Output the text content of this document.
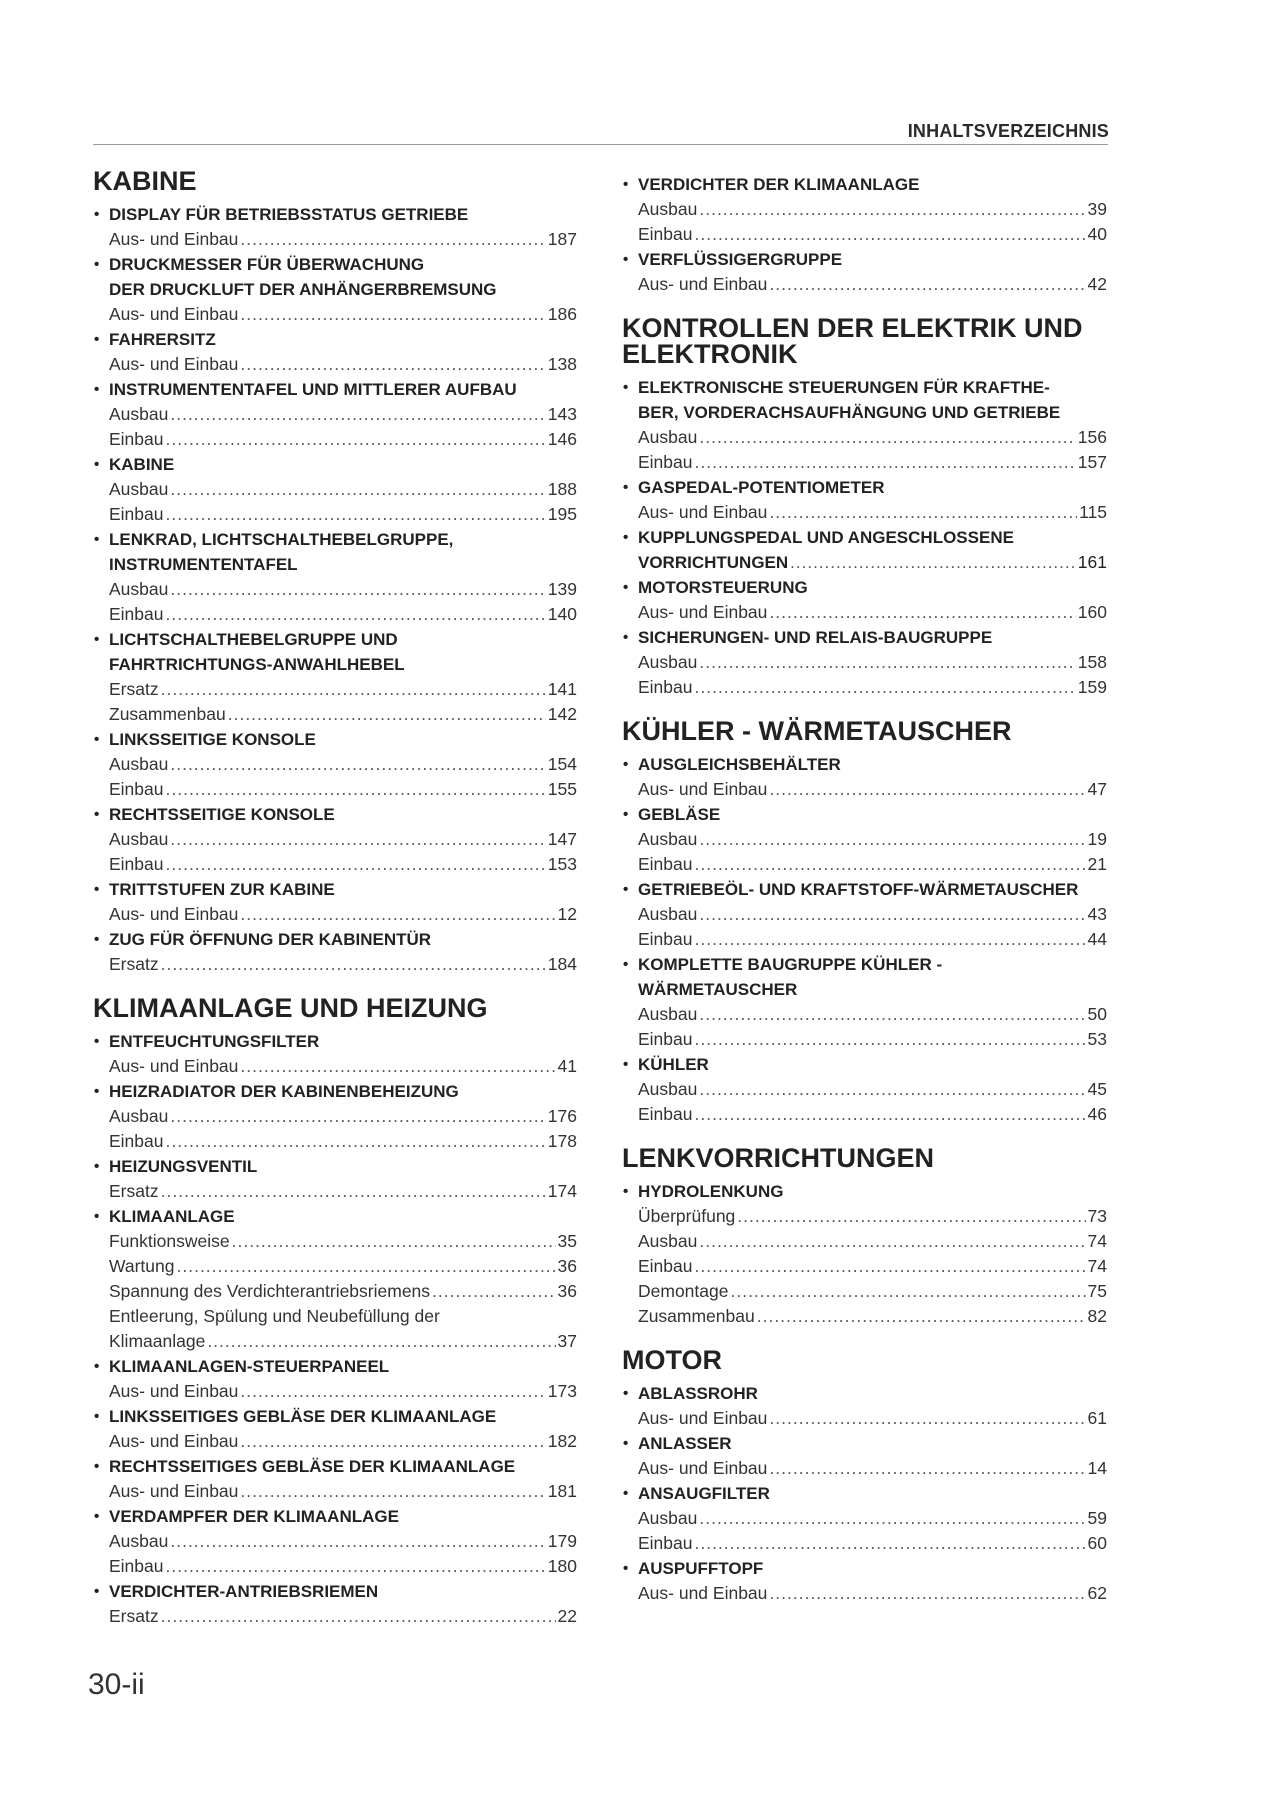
INHALTSVERZEICHNIS
KABINE
• DISPLAY FÜR BETRIEBSSTATUS GETRIEBE
Aus- und Einbau .....	187
• DRUCKMESSER FÜR ÜBERWACHUNG
DER DRUCKLUFT DER ANHÄNGERBREMSUNG
Aus- und Einbau .....	186
• FAHRERSITZ
Aus- und Einbau .....	138
• INSTRUMENTENTAFEL UND MITTLERER AUFBAU
Ausbau .....	143
Einbau .....	146
• KABINE
Ausbau .....	188
Einbau .....	195
• LENKRAD, LICHTSCHALTHEBELGRUPPE,
INSTRUMENTENTAFEL
Ausbau .....	139
Einbau .....	140
• LICHTSCHALTHEBELGRUPPE UND
FAHRTRICHTUNGS-ANWAHLHEBEL
Ersatz .....	141
Zusammenbau .....	142
• LINKSSEITIGE KONSOLE
Ausbau .....	154
Einbau .....	155
• RECHTSSEITIGE KONSOLE
Ausbau .....	147
Einbau .....	153
• TRITTSTUFEN ZUR KABINE
Aus- und Einbau .....	12
• ZUG FÜR ÖFFNUNG DER KABINENTÜR
Ersatz .....	184
KLIMAANLAGE UND HEIZUNG
• ENTFEUCHTUNGSFILTER
Aus- und Einbau .....	41
• HEIZRADIATOR DER KABINENBEHEIZUNG
Ausbau .....	176
Einbau .....	178
• HEIZUNGSVENTIL
Ersatz .....	174
• KLIMAANLAGE
Funktionsweise .....	35
Wartung .....	36
Spannung des Verdichterantriebsriemens .....	36
Entleerung, Spülung und Neubefüllung der
Klimaanlage .....	37
• KLIMAANLAGEN-STEUERPANEEL
Aus- und Einbau .....	173
• LINKSSEITIGES GEBLÄSE DER KLIMAANLAGE
Aus- und Einbau .....	182
• RECHTSSEITIGES GEBLÄSE DER KLIMAANLAGE
Aus- und Einbau .....	181
• VERDAMPFER DER KLIMAANLAGE
Ausbau .....	179
Einbau .....	180
• VERDICHTER-ANTRIEBSRIEMEN
Ersatz .....	22
• VERDICHTER DER KLIMAANLAGE
Ausbau .....	39
Einbau .....	40
• VERFLÜSSIGERGRUPPE
Aus- und Einbau .....	42
KONTROLLEN DER ELEKTRIK UND
ELEKTRONIK
• ELEKTRONISCHE STEUERUNGEN FÜR KRAFTHE-
BER, VORDERACHSAUFHÄNGUNG UND GETRIEBE
Ausbau .....	156
Einbau .....	157
• GASPEDAL-POTENTIOMETER
Aus- und Einbau .....	115
• KUPPLUNGSPEDAL UND ANGESCHLOSSENE
VORRICHTUNGEN .....	161
• MOTORSTEUERUNG
Aus- und Einbau .....	160
• SICHERUNGEN- UND RELAIS-BAUGRUPPE
Ausbau .....	158
Einbau .....	159
KÜHLER - WÄRMETAUSCHER
• AUSGLEICHSBEHÄLTER
Aus- und Einbau .....	47
• GEBLÄSE
Ausbau .....	19
Einbau .....	21
• GETRIEBEÖL- UND KRAFTSTOFF-WÄRMETAUSCHER
Ausbau .....	43
Einbau .....	44
• KOMPLETTE BAUGRUPPE KÜHLER -
WÄRMETAUSCHER
Ausbau .....	50
Einbau .....	53
• KÜHLER
Ausbau .....	45
Einbau .....	46
LENKVORRICHTUNGEN
• HYDROLENKUNG
Überprüfung .....	73
Ausbau .....	74
Einbau .....	74
Demontage .....	75
Zusammenbau .....	82
MOTOR
• ABLASSROHR
Aus- und Einbau .....	61
• ANLASSER
Aus- und Einbau .....	14
• ANSAUGFILTER
Ausbau .....	59
Einbau .....	60
• AUSPUFFTOPF
Aus- und Einbau .....	62
30-ii
